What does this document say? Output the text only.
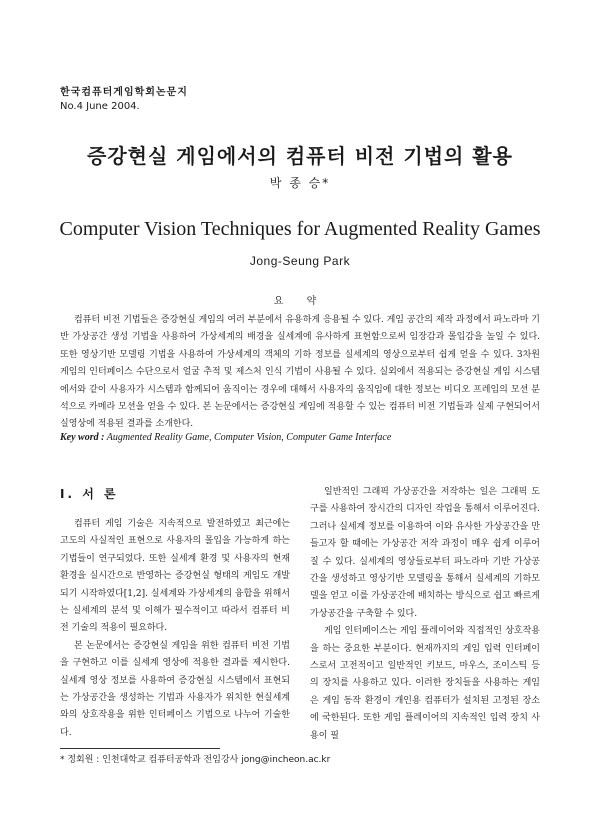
한국컴퓨터게임학회논문지
No.4 June 2004.
증강현실 게임에서의 컴퓨터 비전 기법의 활용
박 종 승*
Computer Vision Techniques for Augmented Reality Games
Jong-Seung Park
요 약

컴퓨터 비전 기법들은 증강현실 게임의 여러 부분에서 유용하게 응용될 수 있다. 게임 공간의 제작 과정에서 파노라마 기반 가상공간 생성 기법을 사용하여 가상세계의 배경을 실세계에 유사하게 표현함으로써 임장감과 몰입감을 높일 수 있다. 또한 영상기반 모델링 기법을 사용하여 가상세계의 객체의 기하 정보를 실세계의 영상으로부터 쉽게 얻을 수 있다. 3차원 게임의 인터페이스 수단으로서 얼굴 추적 및 제스처 인식 기법이 사용될 수 있다. 실외에서 적용되는 증강현실 게임 시스템에서와 같이 사용자가 시스템과 함께되어 움직이는 경우에 대해서 사용자의 움직임에 대한 정보는 비디오 프레임의 모션 분석으로 카메라 모션을 얻을 수 있다. 본 논문에서는 증강현실 게임에 적용할 수 있는 컴퓨터 비전 기법들과 실제 구현되어서 실영상에 적용된 결과를 소개한다.

Key word : Augmented Reality Game, Computer Vision, Computer Game Interface
Ⅰ. 서 론

컴퓨터 게임 기술은 지속적으로 발전하였고 최근에는 고도의 사실적인 표현으로 사용자의 몰입을 가능하게 하는 기법들이 연구되었다. 또한 실세계 환경 및 사용자의 현재 환경을 실시간으로 반영하는 증강현실 형태의 게임도 개발되기 시작하였다[1,2]. 실세계와 가상세계의 융합을 위해서는 실세계의 분석 및 이해가 필수적이고 따라서 컴퓨터 비전 기술의 적용이 필요하다.

본 논문에서는 증강현실 게임을 위한 컴퓨터 비전 기법을 구현하고 이를 실세계 영상에 적용한 결과를 제시한다. 실세계 영상 정보를 사용하여 증강현실 시스템에서 표현되는 가상공간을 생성하는 기법과 사용자가 위치한 현실세계와의 상호작용을 위한 인터페이스 기법으로 나누어 기술한다.

일반적인 그래픽 가상공간을 저작하는 일은 그래픽 도구를 사용하여 장시간의 디자인 작업을 통해서 이루어진다. 그러나 실세계 정보를 이용하여 이와 유사한 가상공간을 만들고자 할 때에는 가상공간 저작 과정이 매우 쉽게 이루어질 수 있다. 실세계의 영상들로부터 파노라마 기반 가상공간을 생성하고 영상기반 모델링을 통해서 실세계의 기하모델을 얻고 이를 가상공간에 배치하는 방식으로 쉽고 빠르게 가상공간을 구축할 수 있다.

게임 인터페이스는 게임 플레이어와 직접적인 상호작용을 하는 중요한 부분이다. 현재까지의 게임 입력 인터페이스로서 고전적이고 일반적인 키보드, 마우스, 조이스틱 등의 장치를 사용하고 있다. 이러한 장치들을 사용하는 게임은 게임 동작 환경이 개인용 컴퓨터가 설치된 고정된 장소에 국한된다. 또한 게임 플레이어의 지속적인 입력 장치 사용이 필

* 정회원 : 인천대학교 컴퓨터공학과 전임강사 jong@incheon.ac.kr
